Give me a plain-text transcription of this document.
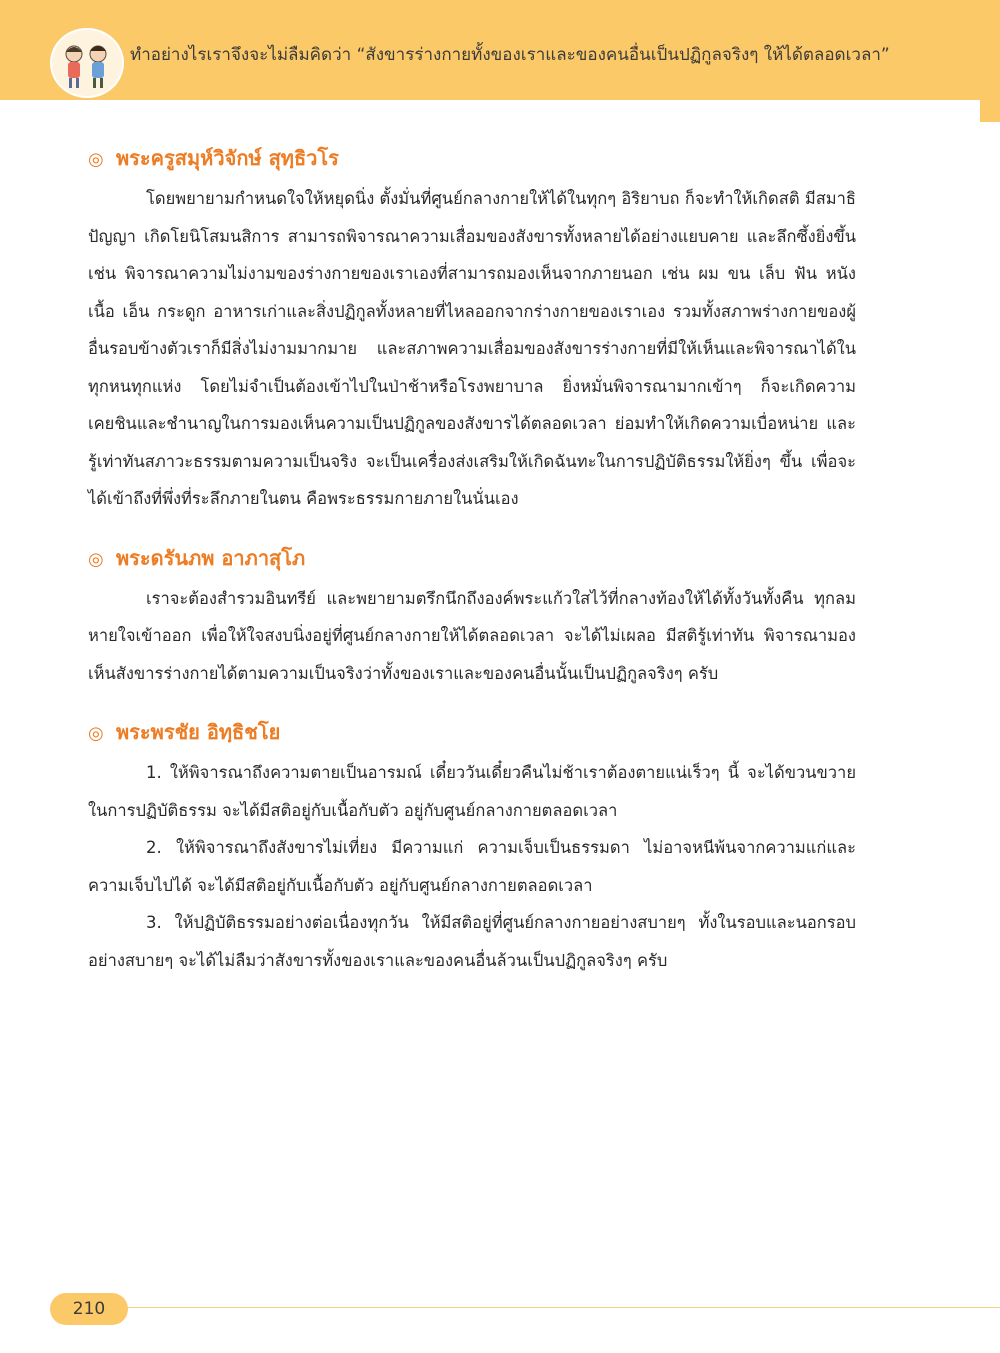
ทำอย่างไรเราจึงจะไม่ลืมคิดว่า “สังขารร่างกายทั้งของเราและของคนอื่นเป็นปฏิกูลจริงๆ ให้ได้ตลอดเวลา”
◎ พระครูสมุห์วิจักษ์ สุทฺธิวโร

โดยพยายามกำหนดใจให้หยุดนิ่ง ตั้งมั่นที่ศูนย์กลางกายให้ได้ในทุกๆ อิริยาบถ ก็จะทำให้เกิดสติ มีสมาธิ ปัญญา เกิดโยนิโสมนสิการ สามารถพิจารณาความเสื่อมของสังขารทั้งหลายได้อย่างแยบคาย และลึกซึ้งยิ่งขึ้น เช่น พิจารณาความไม่งามของร่างกายของเราเองที่สามารถมองเห็นจากภายนอก เช่น ผม ขน เล็บ ฟัน หนัง เนื้อ เอ็น กระดูก อาหารเก่าและสิ่งปฏิกูลทั้งหลายที่ไหลออกจากร่างกายของเราเอง รวมทั้งสภาพร่างกายของผู้อื่นรอบข้างตัวเราก็มีสิ่งไม่งามมากมาย และสภาพความเสื่อมของสังขารร่างกายที่มีให้เห็นและพิจารณาได้ในทุกหนทุกแห่ง โดยไม่จำเป็นต้องเข้าไปในป่าช้าหรือโรงพยาบาล ยิ่งหมั่นพิจารณามากเข้าๆ ก็จะเกิดความเคยชินและชำนาญในการมองเห็นความเป็นปฏิกูลของสังขารได้ตลอดเวลา ย่อมทำให้เกิดความเบื่อหน่าย และรู้เท่าทันสภาวะธรรมตามความเป็นจริง จะเป็นเครื่องส่งเสริมให้เกิดฉันทะในการปฏิบัติธรรมให้ยิ่งๆ ขึ้น เพื่อจะได้เข้าถึงที่พึ่งที่ระลึกภายในตน คือพระธรรมกายภายในนั่นเอง

◎ พระดรันภพ อาภาสุโภ

เราจะต้องสำรวมอินทรีย์ และพยายามตรึกนึกถึงองค์พระแก้วใสไว้ที่กลางท้องให้ได้ทั้งวันทั้งคืน ทุกลมหายใจเข้าออก เพื่อให้ใจสงบนิ่งอยู่ที่ศูนย์กลางกายให้ได้ตลอดเวลา จะได้ไม่เผลอ มีสติรู้เท่าทัน พิจารณามองเห็นสังขารร่างกายได้ตามความเป็นจริงว่าทั้งของเราและของคนอื่นนั้นเป็นปฏิกูลจริงๆ ครับ

◎ พระพรชัย อิทฺธิชโย

1. ให้พิจารณาถึงความตายเป็นอารมณ์ เดี๋ยววันเดี๋ยวคืนไม่ช้าเราต้องตายแน่เร็วๆ นี้ จะได้ขวนขวายในการปฏิบัติธรรม จะได้มีสติอยู่กับเนื้อกับตัว อยู่กับศูนย์กลางกายตลอดเวลา

2. ให้พิจารณาถึงสังขารไม่เที่ยง มีความแก่ ความเจ็บเป็นธรรมดา ไม่อาจหนีพ้นจากความแก่และความเจ็บไปได้ จะได้มีสติอยู่กับเนื้อกับตัว อยู่กับศูนย์กลางกายตลอดเวลา

3. ให้ปฏิบัติธรรมอย่างต่อเนื่องทุกวัน ให้มีสติอยู่ที่ศูนย์กลางกายอย่างสบายๆ ทั้งในรอบและนอกรอบอย่างสบายๆ จะได้ไม่ลืมว่าสังขารทั้งของเราและของคนอื่นล้วนเป็นปฏิกูลจริงๆ ครับ

210
